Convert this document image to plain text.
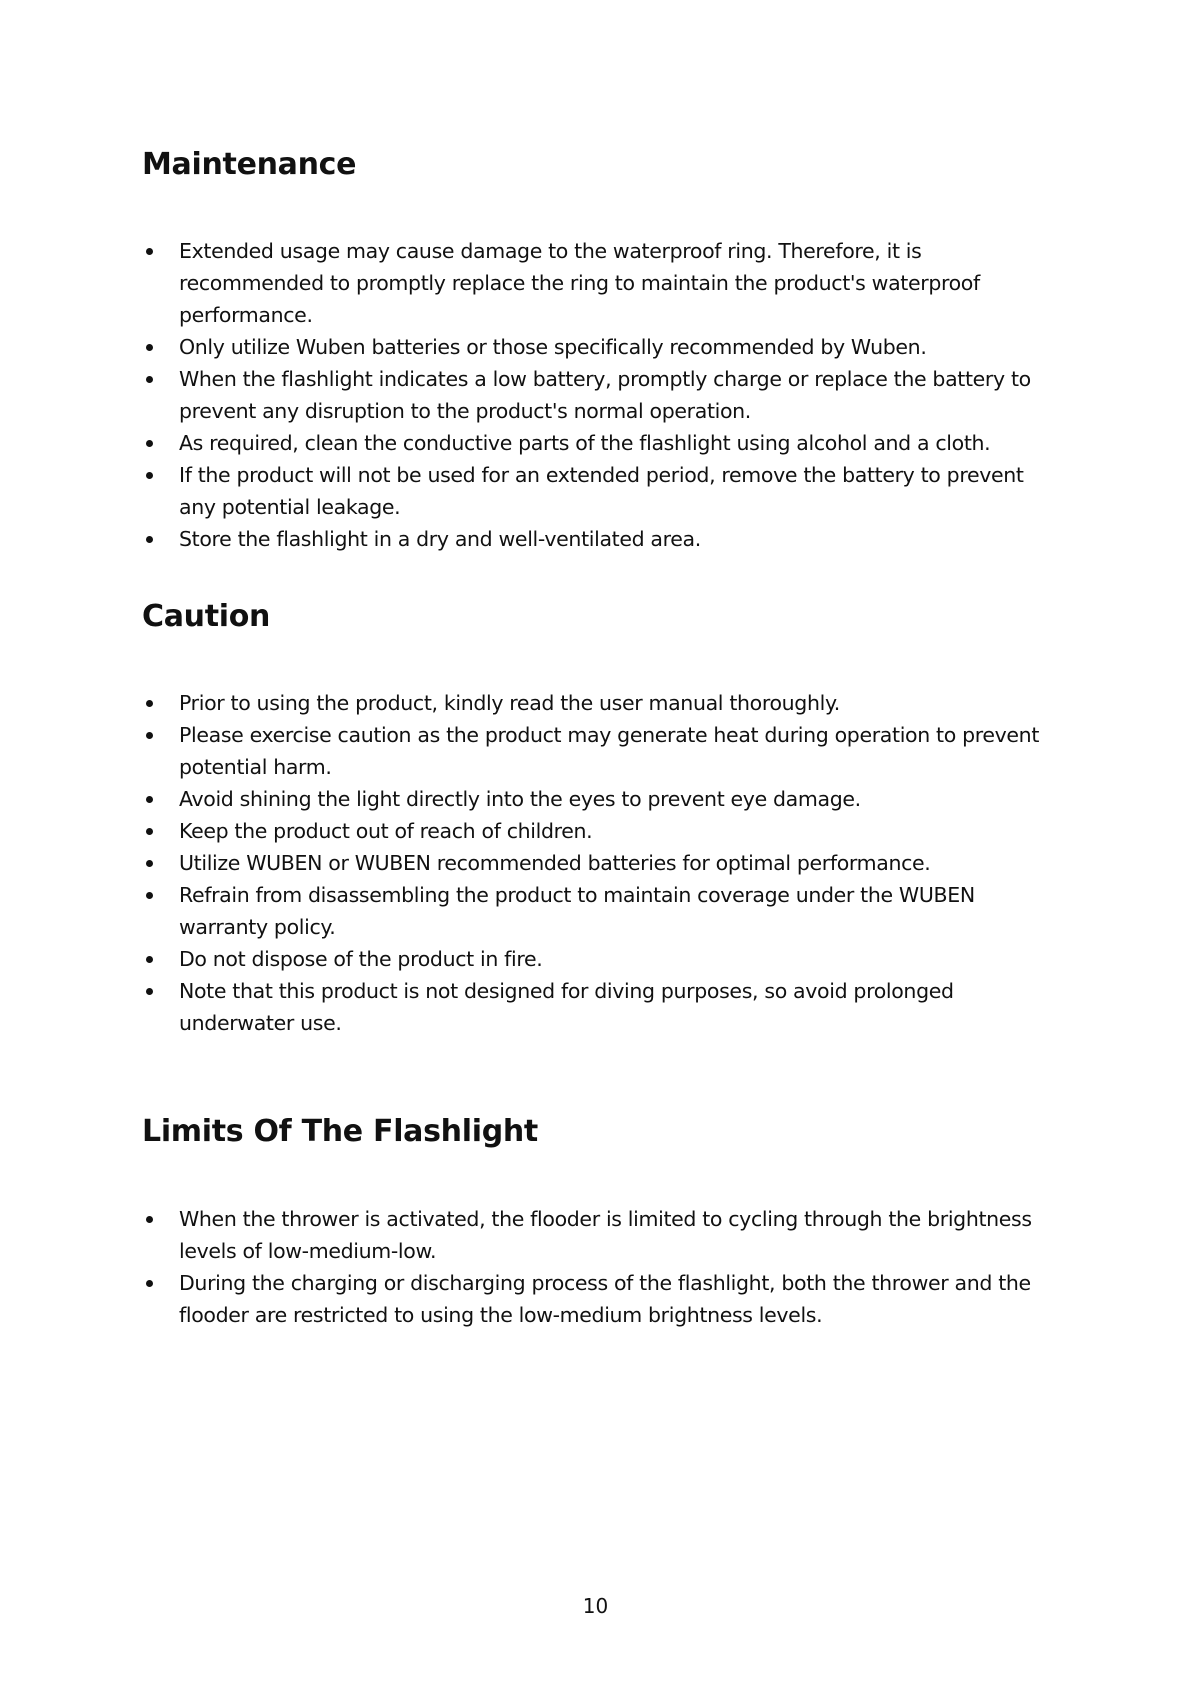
Maintenance
Extended usage may cause damage to the waterproof ring. Therefore, it is recommended to promptly replace the ring to maintain the product's waterproof performance.
Only utilize Wuben batteries or those specifically recommended by Wuben.
When the flashlight indicates a low battery, promptly charge or replace the battery to prevent any disruption to the product's normal operation.
As required, clean the conductive parts of the flashlight using alcohol and a cloth.
If the product will not be used for an extended period, remove the battery to prevent any potential leakage.
Store the flashlight in a dry and well-ventilated area.
Caution
Prior to using the product, kindly read the user manual thoroughly.
Please exercise caution as the product may generate heat during operation to prevent potential harm.
Avoid shining the light directly into the eyes to prevent eye damage.
Keep the product out of reach of children.
Utilize WUBEN or WUBEN recommended batteries for optimal performance.
Refrain from disassembling the product to maintain coverage under the WUBEN warranty policy.
Do not dispose of the product in fire.
Note that this product is not designed for diving purposes, so avoid prolonged underwater use.
Limits Of The Flashlight
When the thrower is activated, the flooder is limited to cycling through the brightness levels of low-medium-low.
During the charging or discharging process of the flashlight, both the thrower and the flooder are restricted to using the low-medium brightness levels.
10
